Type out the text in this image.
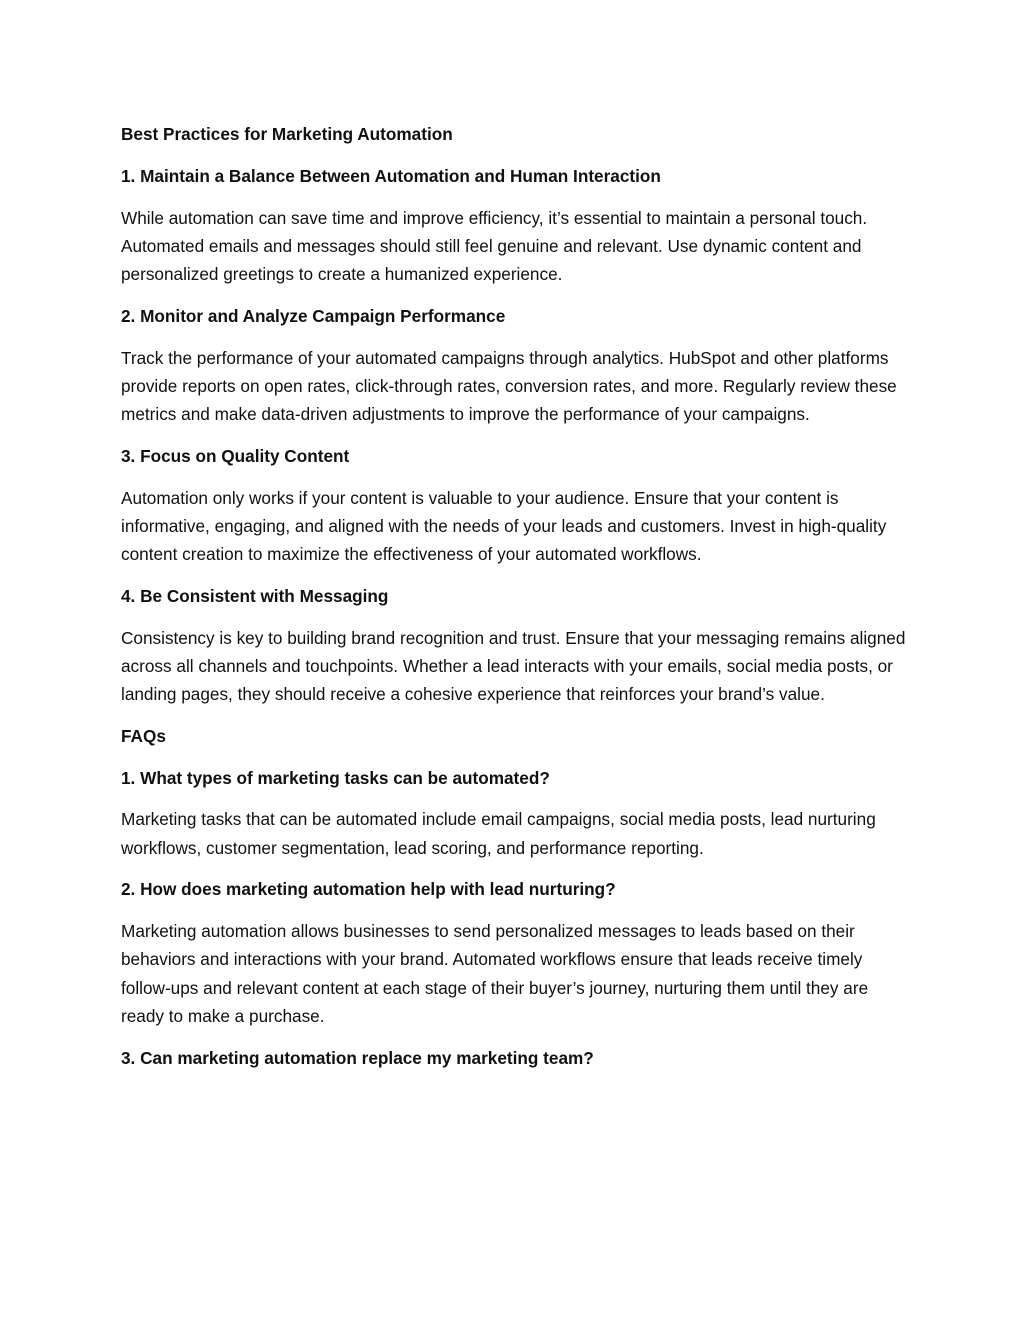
Best Practices for Marketing Automation
1. Maintain a Balance Between Automation and Human Interaction
While automation can save time and improve efficiency, it’s essential to maintain a personal touch. Automated emails and messages should still feel genuine and relevant. Use dynamic content and personalized greetings to create a humanized experience.
2. Monitor and Analyze Campaign Performance
Track the performance of your automated campaigns through analytics. HubSpot and other platforms provide reports on open rates, click-through rates, conversion rates, and more. Regularly review these metrics and make data-driven adjustments to improve the performance of your campaigns.
3. Focus on Quality Content
Automation only works if your content is valuable to your audience. Ensure that your content is informative, engaging, and aligned with the needs of your leads and customers. Invest in high-quality content creation to maximize the effectiveness of your automated workflows.
4. Be Consistent with Messaging
Consistency is key to building brand recognition and trust. Ensure that your messaging remains aligned across all channels and touchpoints. Whether a lead interacts with your emails, social media posts, or landing pages, they should receive a cohesive experience that reinforces your brand’s value.
FAQs
1. What types of marketing tasks can be automated?
Marketing tasks that can be automated include email campaigns, social media posts, lead nurturing workflows, customer segmentation, lead scoring, and performance reporting.
2. How does marketing automation help with lead nurturing?
Marketing automation allows businesses to send personalized messages to leads based on their behaviors and interactions with your brand. Automated workflows ensure that leads receive timely follow-ups and relevant content at each stage of their buyer’s journey, nurturing them until they are ready to make a purchase.
3. Can marketing automation replace my marketing team?
